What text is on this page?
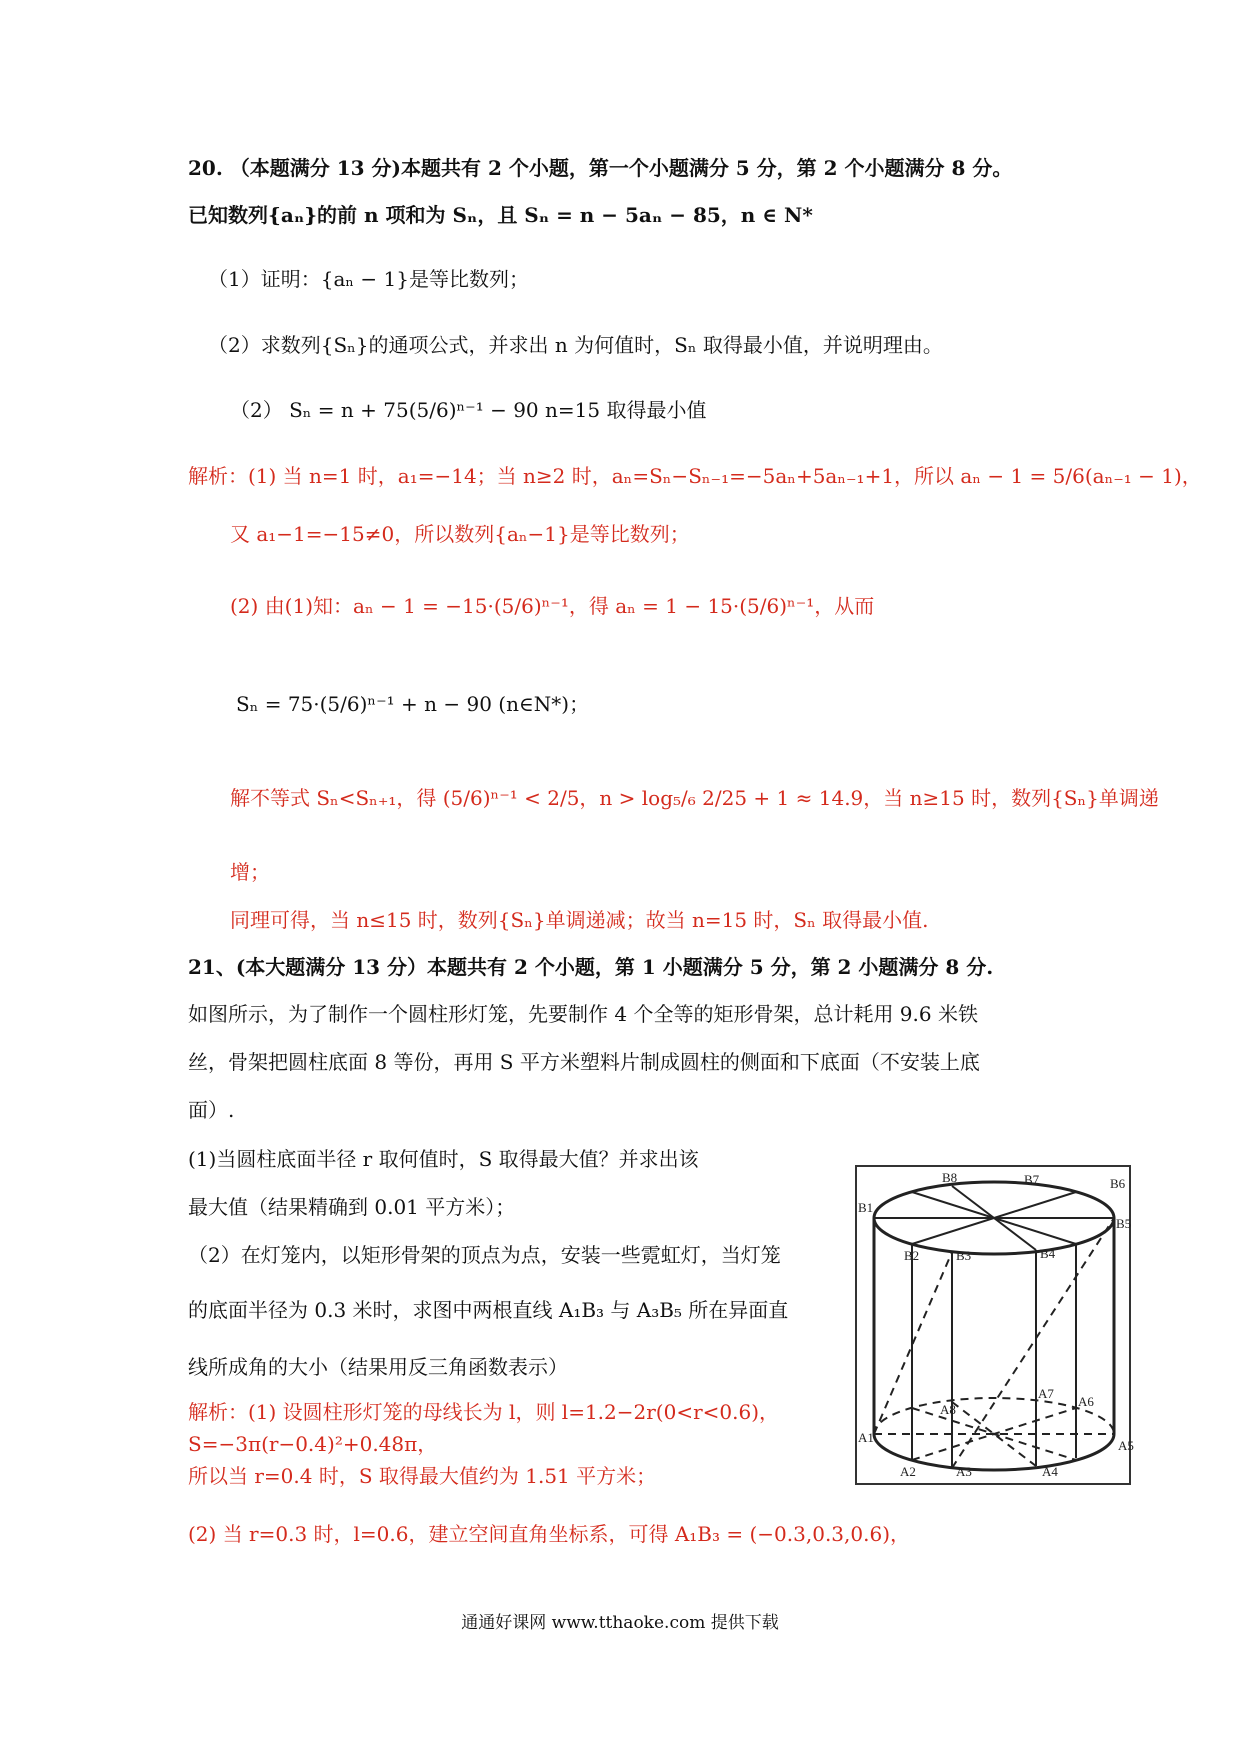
20. （本题满分 13 分)本题共有 2 个小题，第一个小题满分 5 分，第 2 个小题满分 8 分。
已知数列{aₙ}的前 n 项和为 Sₙ，且 Sₙ = n − 5aₙ − 85，n ∈ N*
（1）证明：{aₙ − 1}是等比数列；
（2）求数列{Sₙ}的通项公式，并求出 n 为何值时，Sₙ 取得最小值，并说明理由。
（2） Sₙ = n + 75(5/6)ⁿ⁻¹ − 90 n=15 取得最小值
解析：(1) 当 n=1 时，a₁=−14；当 n≥2 时，aₙ=Sₙ−Sₙ₋₁=−5aₙ+5aₙ₋₁+1，所以 aₙ − 1 = 5/6(aₙ₋₁ − 1)，
又 a₁−1=−15≠0，所以数列{aₙ−1}是等比数列；
(2) 由(1)知：aₙ − 1 = −15·(5/6)ⁿ⁻¹，得 aₙ = 1 − 15·(5/6)ⁿ⁻¹，从而
Sₙ = 75·(5/6)ⁿ⁻¹ + n − 90 (n∈N*)；
解不等式 Sₙ<Sₙ₊₁，得 (5/6)ⁿ⁻¹ < 2/5，n > log₅/₆ 2/25 + 1 ≈ 14.9，当 n≥15 时，数列{Sₙ}单调递
增；
同理可得，当 n≤15 时，数列{Sₙ}单调递减；故当 n=15 时，Sₙ 取得最小值.
21、(本大题满分 13 分）本题共有 2 个小题，第 1 小题满分 5 分，第 2 小题满分 8 分.
如图所示，为了制作一个圆柱形灯笼，先要制作 4 个全等的矩形骨架，总计耗用 9.6 米铁
丝，骨架把圆柱底面 8 等份，再用 S 平方米塑料片制成圆柱的侧面和下底面（不安装上底
面）.
(1)当圆柱底面半径 r 取何值时，S 取得最大值？并求出该
最大值（结果精确到 0.01 平方米）；
（2）在灯笼内，以矩形骨架的顶点为点，安装一些霓虹灯，当灯笼
的底面半径为 0.3 米时，求图中两根直线 A₁B₃ 与 A₃B₅ 所在异面直
线所成角的大小（结果用反三角函数表示）
解析：(1) 设圆柱形灯笼的母线长为 l，则 l=1.2−2r(0<r<0.6)，
S=−3π(r−0.4)²+0.48π，
所以当 r=0.4 时，S 取得最大值约为 1.51 平方米；
(2) 当 r=0.3 时，l=0.6，建立空间直角坐标系，可得 A₁B₃ = (−0.3,0.3,0.6)，
B1
B2	B3	B4
B5
B6
B7
B8
A1
A2	A3	A4
A5
A6
A7
A8
通通好课网 www.tthaoke.com 提供下载
